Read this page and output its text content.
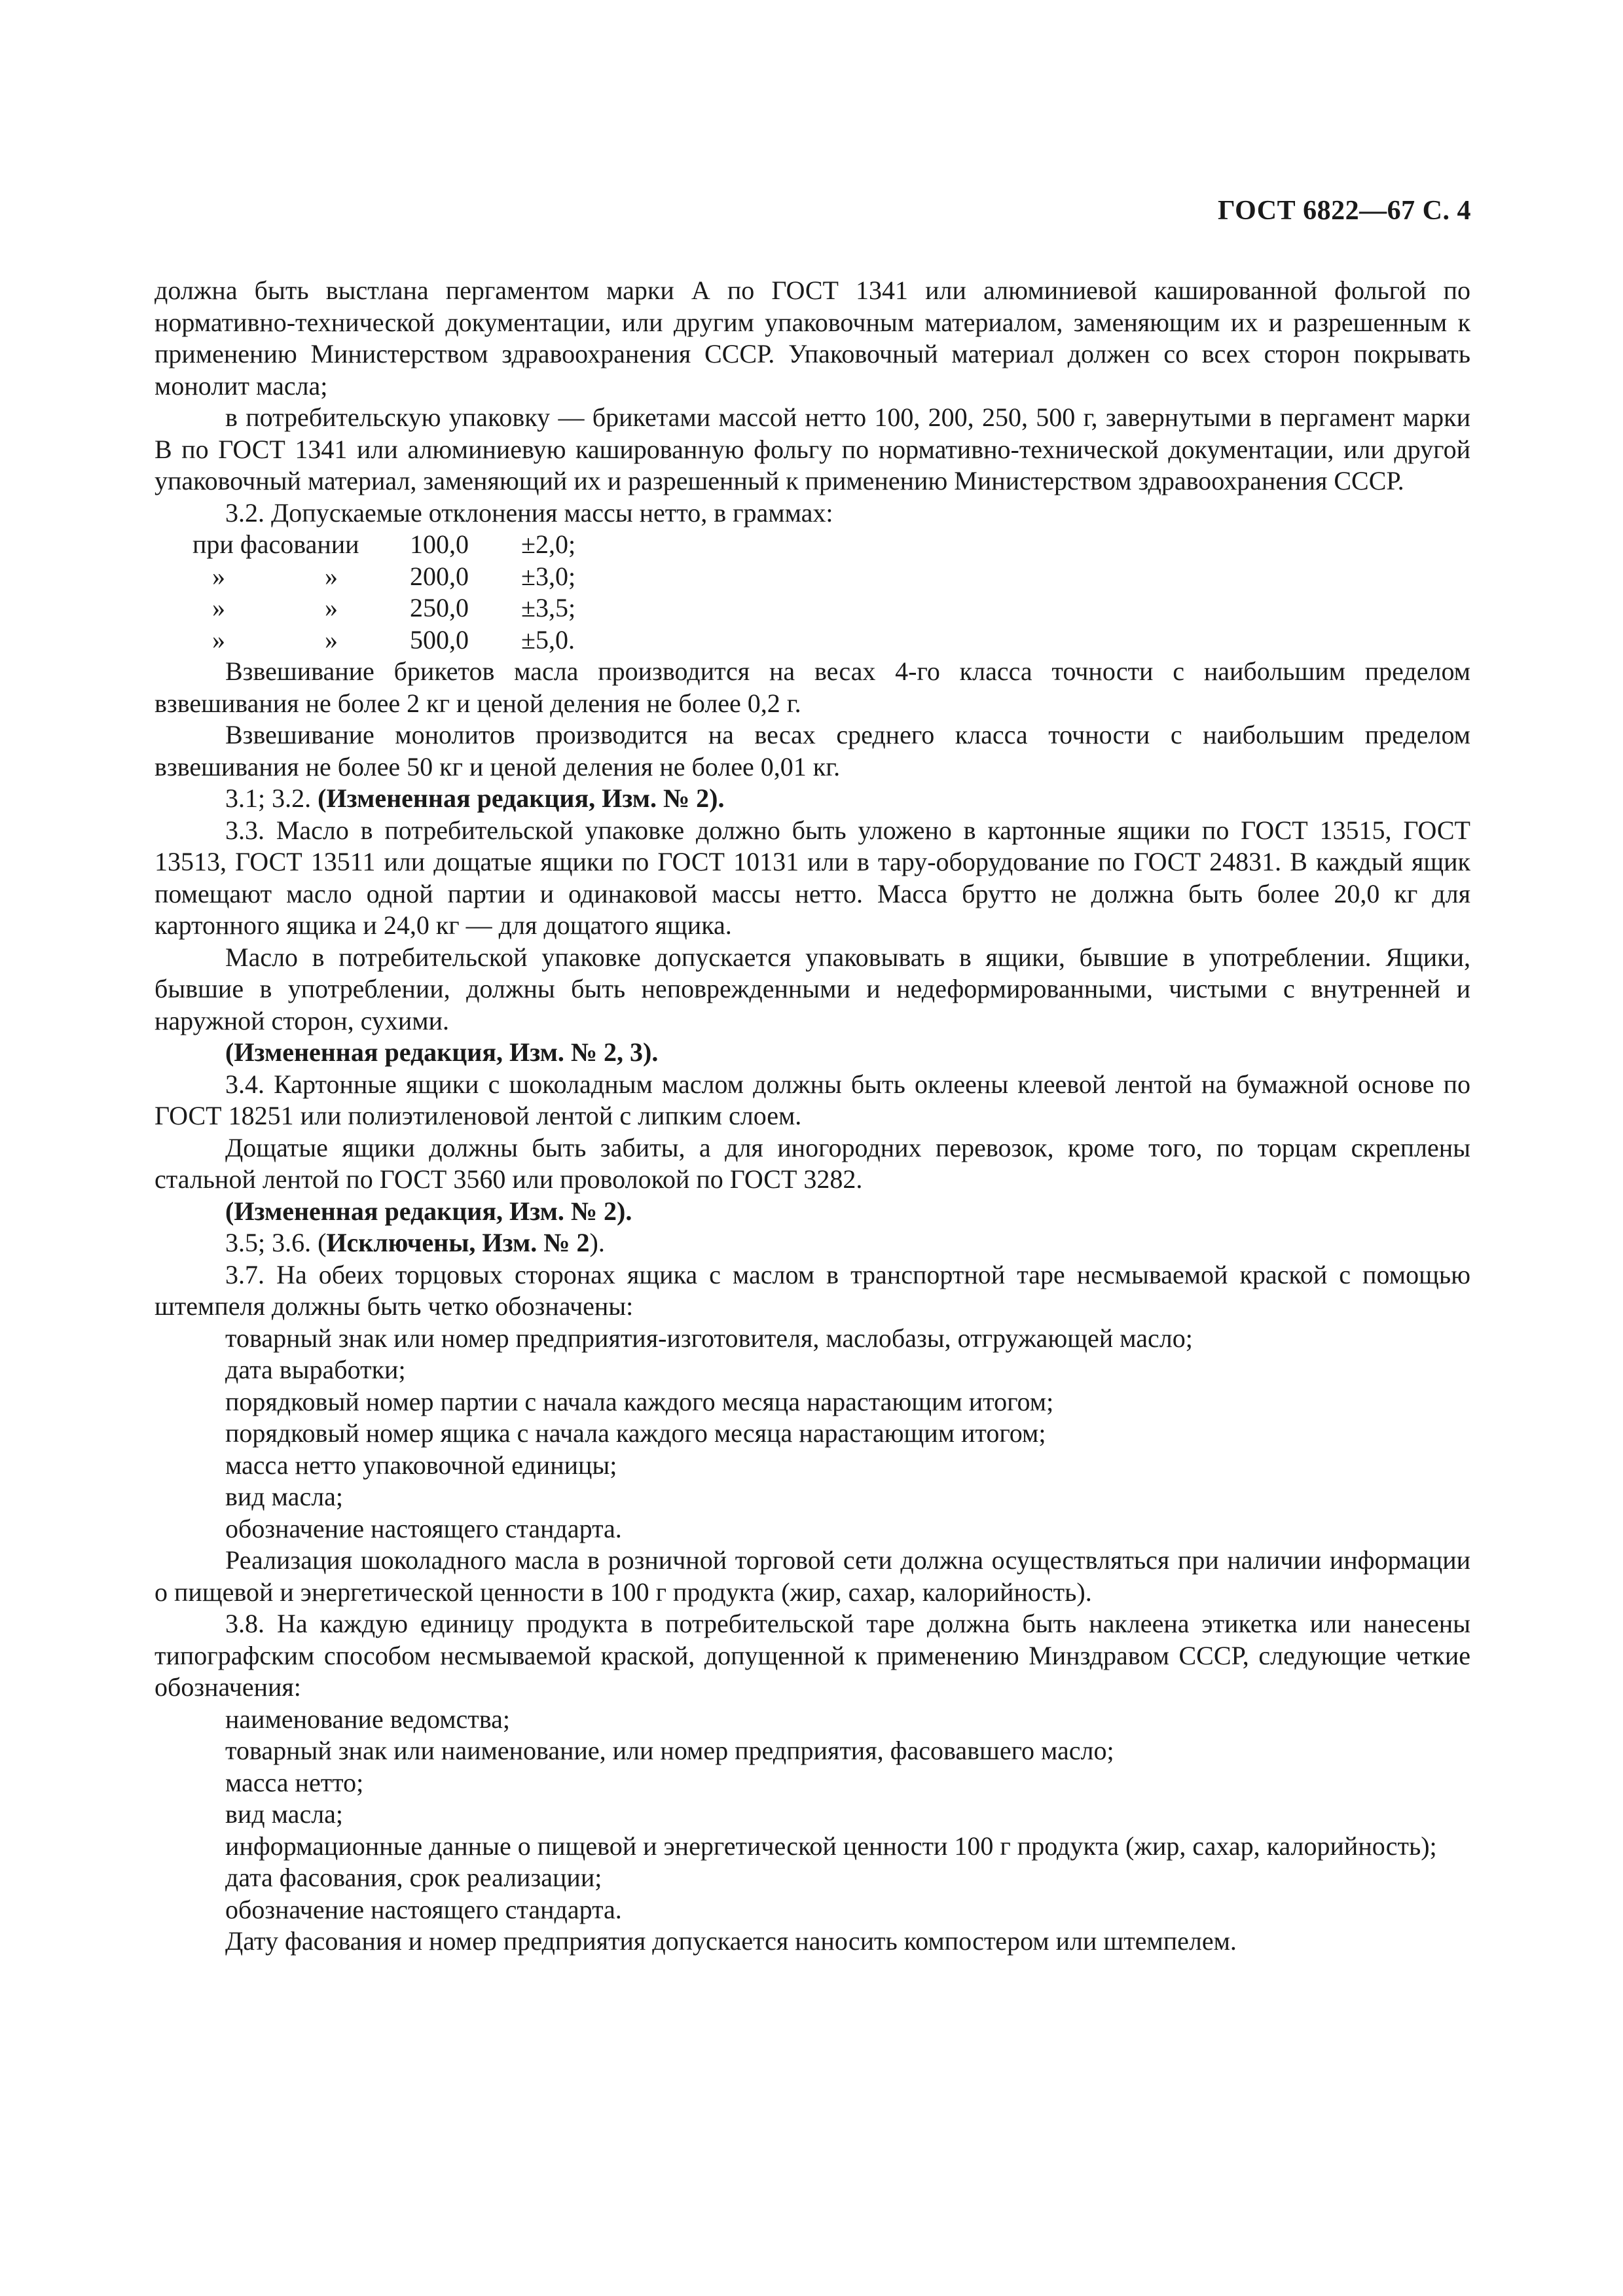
ГОСТ 6822—67 С. 4

должна быть выстлана пергаментом марки А по ГОСТ 1341 или алюминиевой кашированной фольгой по нормативно-технической документации, или другим упаковочным материалом, заменяющим их и разрешенным к применению Министерством здравоохранения СССР. Упаковочный материал должен со всех сторон покрывать монолит масла;

в потребительскую упаковку — брикетами массой нетто 100, 200, 250, 500 г, завернутыми в пергамент марки В по ГОСТ 1341 или алюминиевую кашированную фольгу по нормативно-технической документации, или другой упаковочный материал, заменяющий их и разрешенный к применению Министерством здравоохранения СССР.

3.2. Допускаемые отклонения массы нетто, в граммах:

при фасовании 100,0 ±2,0;
»	»	200,0 ±3,0;
»	»	250,0 ±3,5;
»	»	500,0 ±5,0.

Взвешивание брикетов масла производится на весах 4-го класса точности с наибольшим пределом взвешивания не более 2 кг и ценой деления не более 0,2 г.

Взвешивание монолитов производится на весах среднего класса точности с наибольшим пределом взвешивания не более 50 кг и ценой деления не более 0,01 кг.

3.1; 3.2. (Измененная редакция, Изм. № 2).

3.3. Масло в потребительской упаковке должно быть уложено в картонные ящики по ГОСТ 13515, ГОСТ 13513, ГОСТ 13511 или дощатые ящики по ГОСТ 10131 или в тару-оборудование по ГОСТ 24831. В каждый ящик помещают масло одной партии и одинаковой массы нетто. Масса брутто не должна быть более 20,0 кг для картонного ящика и 24,0 кг — для дощатого ящика.

Масло в потребительской упаковке допускается упаковывать в ящики, бывшие в употреблении. Ящики, бывшие в употреблении, должны быть неповрежденными и недеформированными, чистыми с внутренней и наружной сторон, сухими.

(Измененная редакция, Изм. № 2, 3).

3.4. Картонные ящики с шоколадным маслом должны быть оклеены клеевой лентой на бумажной основе по ГОСТ 18251 или полиэтиленовой лентой с липким слоем.

Дощатые ящики должны быть забиты, а для иногородних перевозок, кроме того, по торцам скреплены стальной лентой по ГОСТ 3560 или проволокой по ГОСТ 3282.

(Измененная редакция, Изм. № 2).

3.5; 3.6. (Исключены, Изм. № 2).

3.7. На обеих торцовых сторонах ящика с маслом в транспортной таре несмываемой краской с помощью штемпеля должны быть четко обозначены:

товарный знак или номер предприятия-изготовителя, маслобазы, отгружающей масло;

дата выработки;

порядковый номер партии с начала каждого месяца нарастающим итогом;

порядковый номер ящика с начала каждого месяца нарастающим итогом;

масса нетто упаковочной единицы;

вид масла;

обозначение настоящего стандарта.

Реализация шоколадного масла в розничной торговой сети должна осуществляться при наличии информации о пищевой и энергетической ценности в 100 г продукта (жир, сахар, калорийность).

3.8. На каждую единицу продукта в потребительской таре должна быть наклеена этикетка или нанесены типографским способом несмываемой краской, допущенной к применению Минздравом СССР, следующие четкие обозначения:

наименование ведомства;

товарный знак или наименование, или номер предприятия, фасовавшего масло;

масса нетто;

вид масла;

информационные данные о пищевой и энергетической ценности 100 г продукта (жир, сахар, калорийность);

дата фасования, срок реализации;

обозначение настоящего стандарта.

Дату фасования и номер предприятия допускается наносить компостером или штемпелем.
